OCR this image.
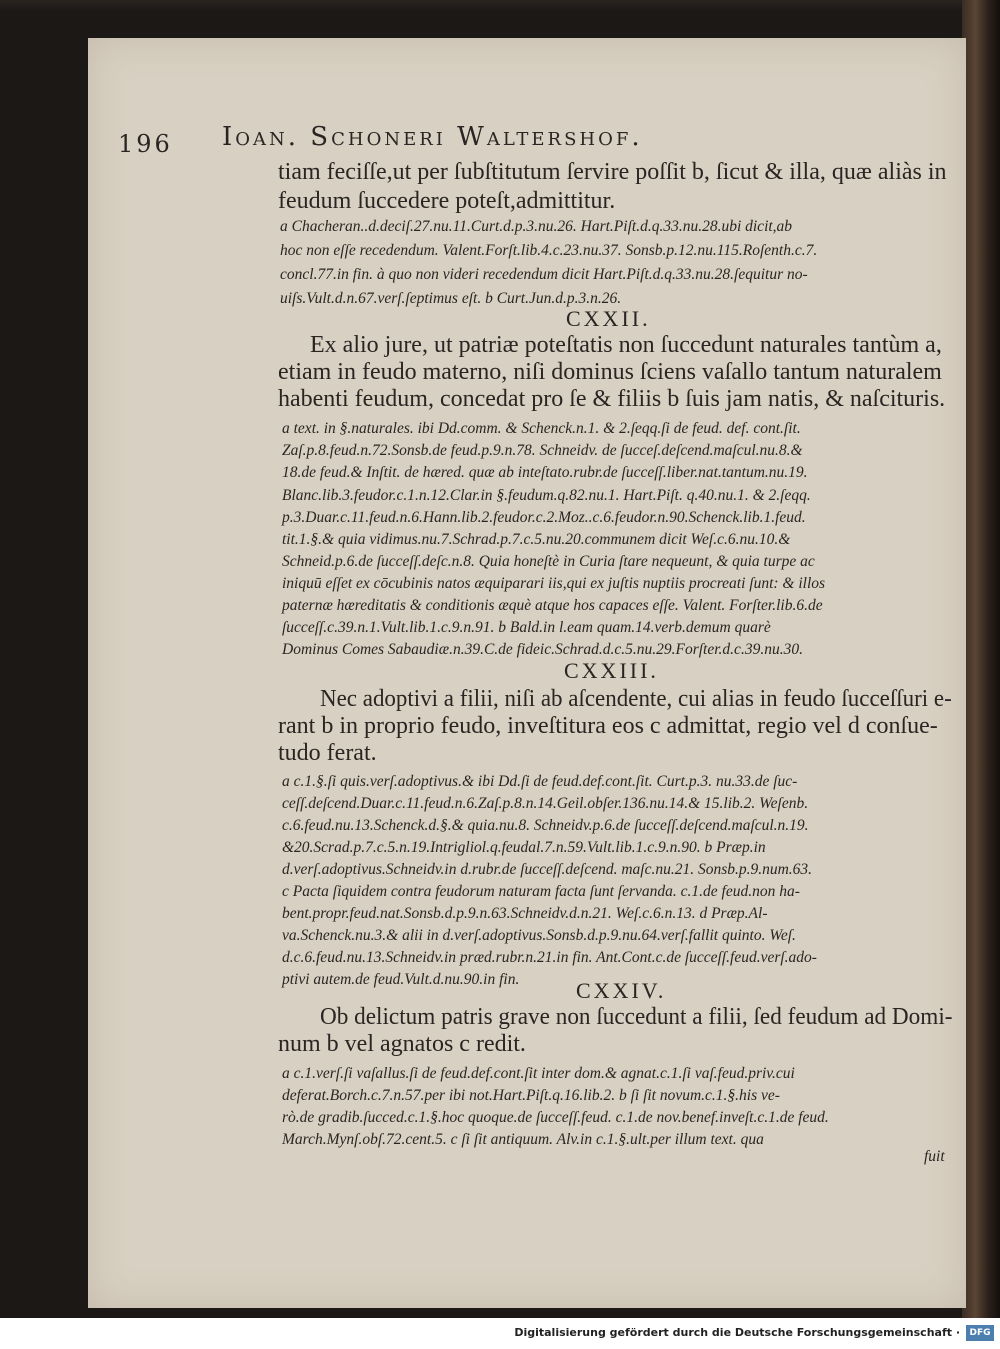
196 Ioan. Schoneri Waltershof.
tiam feciſſe,ut per ſubſtitutum ſervire poſſit b, ſicut & illa, quæ aliàs in
feudum ſuccedere poteſt,admittitur.
a Chacheran..d.deciſ.27.nu.11.Curt.d.p.3.nu.26. Hart.Piſt.d.q.33.nu.28.ubi dicit,ab
hoc non eſſe recedendum. Valent.Forſt.lib.4.c.23.nu.37. Sonsb.p.12.nu.115.Roſenth.c.7.
concl.77.in fin. à quo non videri recedendum dicit Hart.Piſt.d.q.33.nu.28.ſequitur no-
uiſs.Vult.d.n.67.verſ.ſeptimus eſt. b Curt.Jun.d.p.3.n.26.
CXXII.
Ex alio jure, ut patriæ poteſtatis non ſuccedunt naturales tantùm a,
etiam in feudo materno, niſi dominus ſciens vaſallo tantum naturalem
habenti feudum, concedat pro ſe & filiis b ſuis jam natis, & naſcituris.
a text. in §.naturales. ibi Dd.comm. & Schenck.n.1. & 2.ſeqq.ſi de feud. def. cont.ſit.
Zaſ.p.8.feud.n.72.Sonsb.de feud.p.9.n.78. Schneidv. de ſucceſ.deſcend.maſcul.nu.8.&
18.de feud.& Inſtit. de hæred. quæ ab inteſtato.rubr.de ſucceſſ.liber.nat.tantum.nu.19.
Blanc.lib.3.feudor.c.1.n.12.Clar.in §.feudum.q.82.nu.1. Hart.Piſt. q.40.nu.1. & 2.ſeqq.
p.3.Duar.c.11.feud.n.6.Hann.lib.2.feudor.c.2.Moz..c.6.feudor.n.90.Schenck.lib.1.feud.
tit.1.§.& quia vidimus.nu.7.Schrad.p.7.c.5.nu.20.communem dicit Weſ.c.6.nu.10.&
Schneid.p.6.de ſucceſſ.deſc.n.8. Quia honeſtè in Curia ſtare nequeunt, & quia turpe ac
iniquū eſſet ex cōcubinis natos æquiparari iis,qui ex juſtis nuptiis procreati ſunt: & illos
paternæ hæreditatis & conditionis æquè atque hos capaces eſſe. Valent. Forſter.lib.6.de
ſucceſſ.c.39.n.1.Vult.lib.1.c.9.n.91. b Bald.in l.eam quam.14.verb.demum quarè
Dominus Comes Sabaudiæ.n.39.C.de fideic.Schrad.d.c.5.nu.29.Forſter.d.c.39.nu.30.
CXXIII.
Nec adoptivi a filii, niſi ab aſcendente, cui alias in feudo ſucceſſuri e-
rant b in proprio feudo, inveſtitura eos c admittat, regio vel d conſue-
tudo ferat.
a c.1.§.ſi quis.verſ.adoptivus.& ibi Dd.ſi de feud.def.cont.ſit. Curt.p.3. nu.33.de ſuc-
ceſſ.deſcend.Duar.c.11.feud.n.6.Zaſ.p.8.n.14.Geil.obſer.136.nu.14.& 15.lib.2. Weſenb.
c.6.feud.nu.13.Schenck.d.§.& quia.nu.8. Schneidv.p.6.de ſucceſſ.deſcend.maſcul.n.19.
&20.Scrad.p.7.c.5.n.19.Intrigliol.q.feudal.7.n.59.Vult.lib.1.c.9.n.90. b Præp.in
d.verſ.adoptivus.Schneidv.in d.rubr.de ſucceſſ.deſcend. maſc.nu.21. Sonsb.p.9.num.63.
c Pacta ſiquidem contra feudorum naturam facta ſunt ſervanda. c.1.de feud.non ha-
bent.propr.feud.nat.Sonsb.d.p.9.n.63.Schneidv.d.n.21. Weſ.c.6.n.13. d Præp.Al-
va.Schenck.nu.3.& alii in d.verſ.adoptivus.Sonsb.d.p.9.nu.64.verſ.fallit quinto. Weſ.
d.c.6.feud.nu.13.Schneidv.in præd.rubr.n.21.in fin. Ant.Cont.c.de ſucceſſ.feud.verſ.ado-
ptivi autem.de feud.Vult.d.nu.90.in fin.	CXXIV.
Ob delictum patris grave non ſuccedunt a filii, ſed feudum ad Domi-
num b vel agnatos c redit.
a c.1.verſ.ſi vaſallus.ſi de feud.def.cont.ſit inter dom.& agnat.c.1.ſi vaſ.feud.priv.cui
deferat.Borch.c.7.n.57.per ibi not.Hart.Piſt.q.16.lib.2. b ſi ſit novum.c.1.§.his ve-
rò.de gradib.ſucced.c.1.§.hoc quoque.de ſucceſſ.feud. c.1.de nov.benef.inveſt.c.1.de feud.
March.Mynſ.obſ.72.cent.5. c ſi ſit antiquum. Alv.in c.1.§.ult.per illum text. qua
fuit
Digitalisierung gefördert durch die Deutsche Forschungsgemeinschaft ·	DFG
